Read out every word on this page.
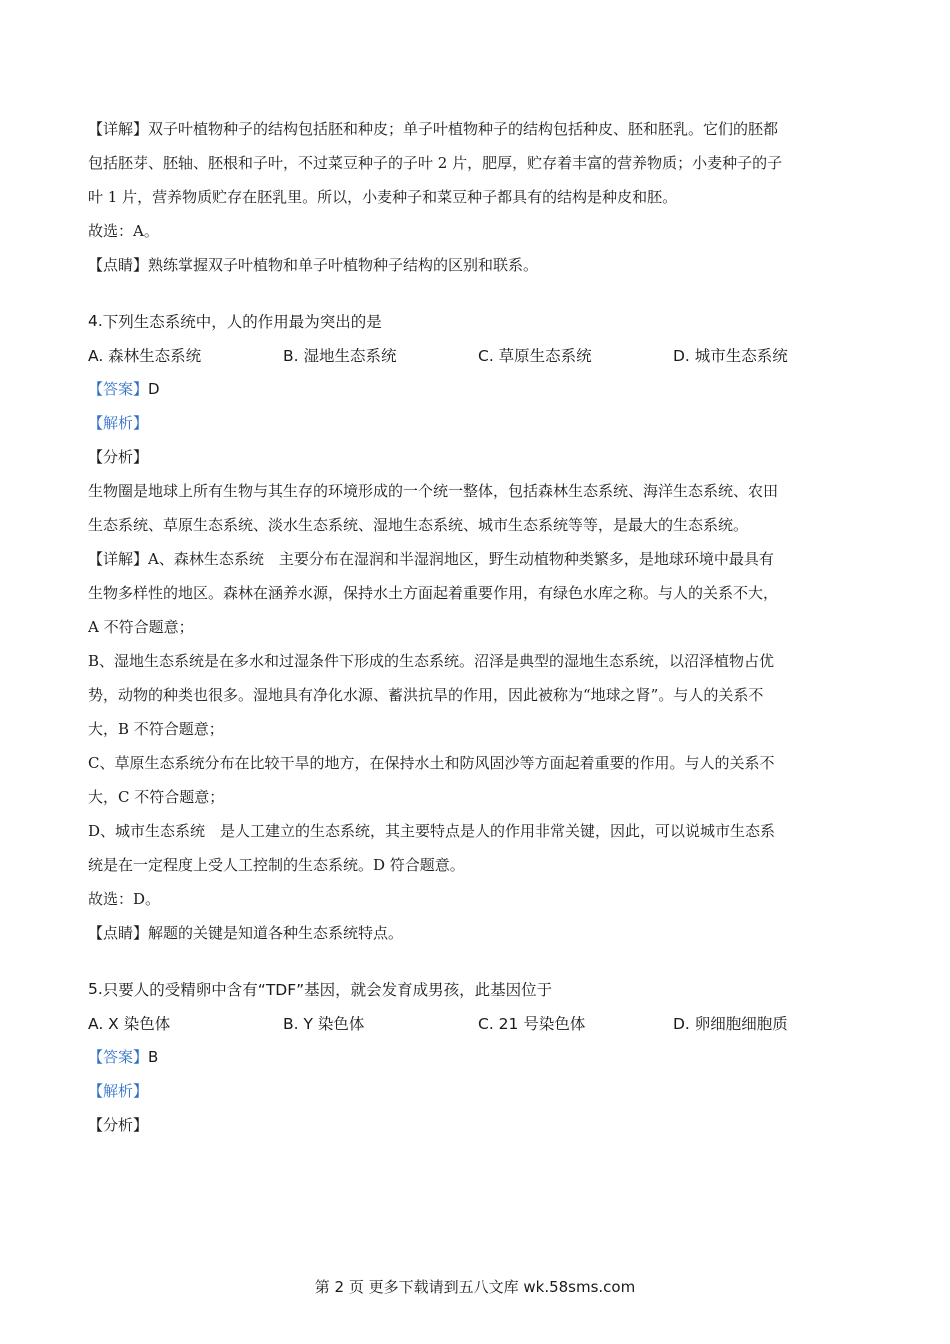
【详解】双子叶植物种子的结构包括胚和种皮；单子叶植物种子的结构包括种皮、胚和胚乳。它们的胚都
包括胚芽、胚轴、胚根和子叶，不过菜豆种子的子叶 2 片，肥厚，贮存着丰富的营养物质；小麦种子的子
叶 1 片，营养物质贮存在胚乳里。所以，小麦种子和菜豆种子都具有的结构是种皮和胚。
故选：A。
【点睛】熟练掌握双子叶植物和单子叶植物种子结构的区别和联系。
4. 下列生态系统中，人的作用最为突出的是
A. 森林生态系统	B. 湿地生态系统	C. 草原生态系统	D. 城市生态系统
【答案】 D
【解析】
【分析】
生物圈是地球上所有生物与其生存的环境形成的一个统一整体，包括森林生态系统、海洋生态系统、农田
生态系统、草原生态系统、淡水生态系统、湿地生态系统、城市生态系统等等，是最大的生态系统。
【详解】A、森林生态系统　主要分布在湿润和半湿润地区，野生动植物种类繁多，是地球环境中最具有
生物多样性的地区。森林在涵养水源，保持水土方面起着重要作用，有绿色水库之称。与人的关系不大，
A 不符合题意；
B、湿地生态系统是在多水和过湿条件下形成的生态系统。沼泽是典型的湿地生态系统，以沼泽植物占优
势，动物的种类也很多。湿地具有净化水源、蓄洪抗旱的作用，因此被称为“地球之肾”。与人的关系不
大，B 不符合题意；
C、草原生态系统分布在比较干旱的地方，在保持水土和防风固沙等方面起着重要的作用。与人的关系不
大，C 不符合题意；
D、城市生态系统　是人工建立的生态系统，其主要特点是人的作用非常关键，因此，可以说城市生态系
统是在一定程度上受人工控制的生态系统。D 符合题意。
故选：D。
【点睛】解题的关键是知道各种生态系统特点。
5. 只要人的受精卵中含有“TDF”基因，就会发育成男孩，此基因位于
A. X 染色体	B. Y 染色体	C. 21 号染色体	D. 卵细胞细胞质
【答案】 B
【解析】
【分析】
第 2 页 更多下载请到五八文库 wk.58sms.com
